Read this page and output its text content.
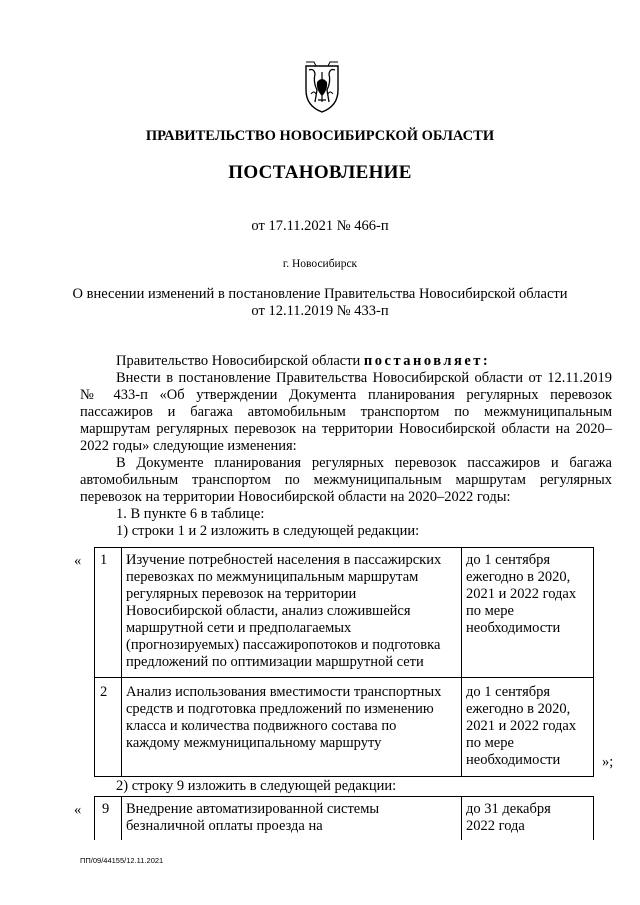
ПРАВИТЕЛЬСТВО НОВОСИБИРСКОЙ ОБЛАСТИ
ПОСТАНОВЛЕНИЕ
от 17.11.2021 № 466-п
г. Новосибирск
О внесении изменений в постановление Правительства Новосибирской области
от 12.11.2019 № 433-п
Правительство Новосибирской области постановляет:
Внести в постановление Правительства Новосибирской области от 12.11.2019 № 433-п «Об утверждении Документа планирования регулярных перевозок пассажиров и багажа автомобильным транспортом по межмуниципальным маршрутам регулярных перевозок на территории Новосибирской области на 2020–2022 годы» следующие изменения:
В Документе планирования регулярных перевозок пассажиров и багажа автомобильным транспортом по межмуниципальным маршрутам регулярных перевозок на территории Новосибирской области на 2020–2022 годы:
1. В пункте 6 в таблице:
1) строки 1 и 2 изложить в следующей редакции:
« 1 Изучение потребностей населения в пассажирских
перевозках по межмуниципальным маршрутам
регулярных перевозок на территории
Новосибирской области, анализ сложившейся
маршрутной сети и предполагаемых
(прогнозируемых) пассажиропотоков и подготовка
предложений по оптимизации маршрутной сети
до 1 сентября
ежегодно в 2020,
2021 и 2022 годах
по мере
необходимости
2 Анализ использования вместимости транспортных
средств и подготовка предложений по изменению
класса и количества подвижного состава по
каждому межмуниципальному маршруту
до 1 сентября
ежегодно в 2020,
2021 и 2022 годах
по мере
необходимости	»;
2) строку 9 изложить в следующей редакции:
« 9 Внедрение автоматизированной системы
безналичной оплаты проезда на
до 31 декабря
2022 года
ПП/09/44155/12.11.2021
